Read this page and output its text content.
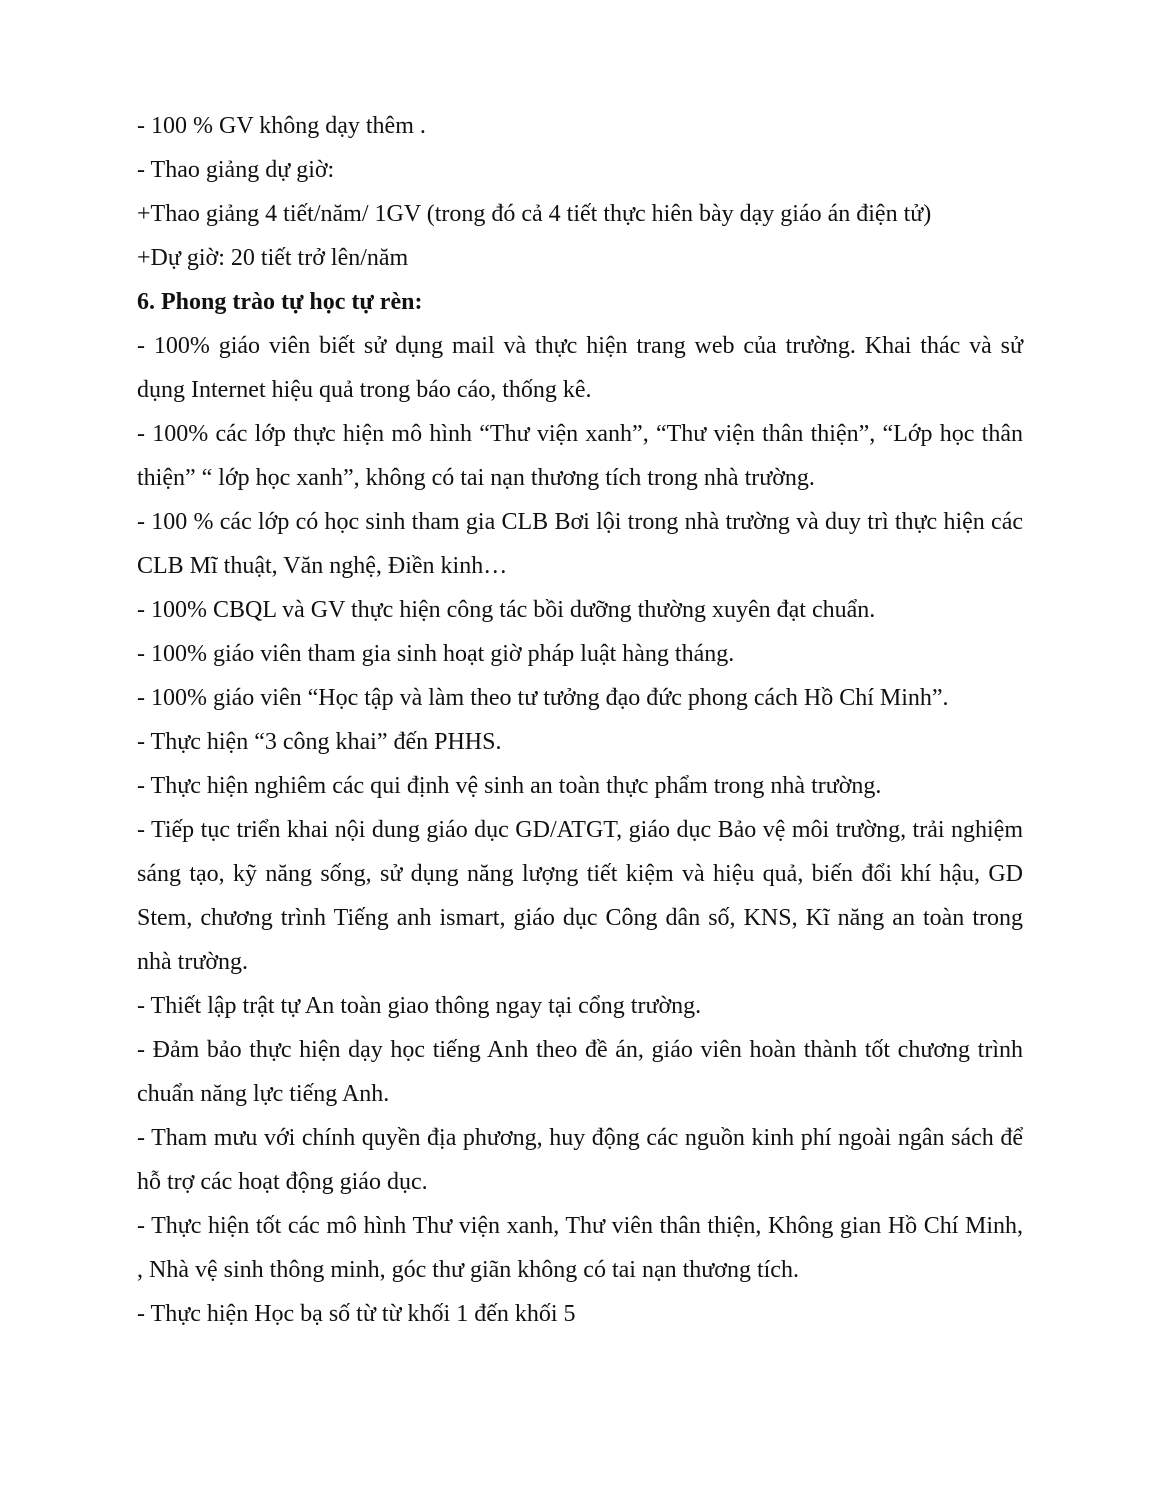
- 100 % GV không dạy thêm .

- Thao giảng dự giờ:

+Thao giảng 4 tiết/năm/ 1GV (trong đó cả 4 tiết thực hiên bày dạy giáo án điện tử)

+Dự giờ: 20 tiết trở lên/năm

6. Phong trào tự học tự rèn:

- 100% giáo viên biết sử dụng mail và thực hiện trang web của trường. Khai thác và sử dụng Internet hiệu quả trong báo cáo, thống kê.

- 100% các lớp thực hiện mô hình “Thư viện xanh”, “Thư viện thân thiện”, “Lớp học thân thiện” “ lớp học xanh”, không có tai nạn thương tích trong nhà trường.

- 100 % các lớp có học sinh tham gia CLB Bơi lội trong nhà trường và duy trì thực hiện các CLB Mĩ thuật, Văn nghệ, Điền kinh…

- 100% CBQL và GV thực hiện công tác bồi dưỡng thường xuyên đạt chuẩn.

- 100% giáo viên tham gia sinh hoạt giờ pháp luật hàng tháng.

- 100% giáo viên “Học tập và làm theo tư tưởng đạo đức phong cách Hồ Chí Minh”.

- Thực hiện “3 công khai” đến PHHS.

- Thực hiện nghiêm các qui định vệ sinh an toàn thực phẩm trong nhà trường.

- Tiếp tục triển khai nội dung giáo dục GD/ATGT, giáo dục Bảo vệ môi trường, trải nghiệm sáng tạo, kỹ năng sống, sử dụng năng lượng tiết kiệm và hiệu quả, biến đổi khí hậu, GD Stem, chương trình Tiếng anh ismart, giáo dục Công dân số, KNS, Kĩ năng an toàn trong nhà trường.

- Thiết lập trật tự An toàn giao thông ngay tại cổng trường.

- Đảm bảo thực hiện dạy học tiếng Anh theo đề án, giáo viên hoàn thành tốt chương trình chuẩn năng lực tiếng Anh.

- Tham mưu với chính quyền địa phương, huy động các nguồn kinh phí ngoài ngân sách để hỗ trợ các hoạt động giáo dục.

- Thực hiện tốt các mô hình Thư viện xanh, Thư viên thân thiện, Không gian Hồ Chí Minh, , Nhà vệ sinh thông minh, góc thư giãn không có tai nạn thương tích.

- Thực hiện Học bạ số từ từ khối 1 đến khối 5
